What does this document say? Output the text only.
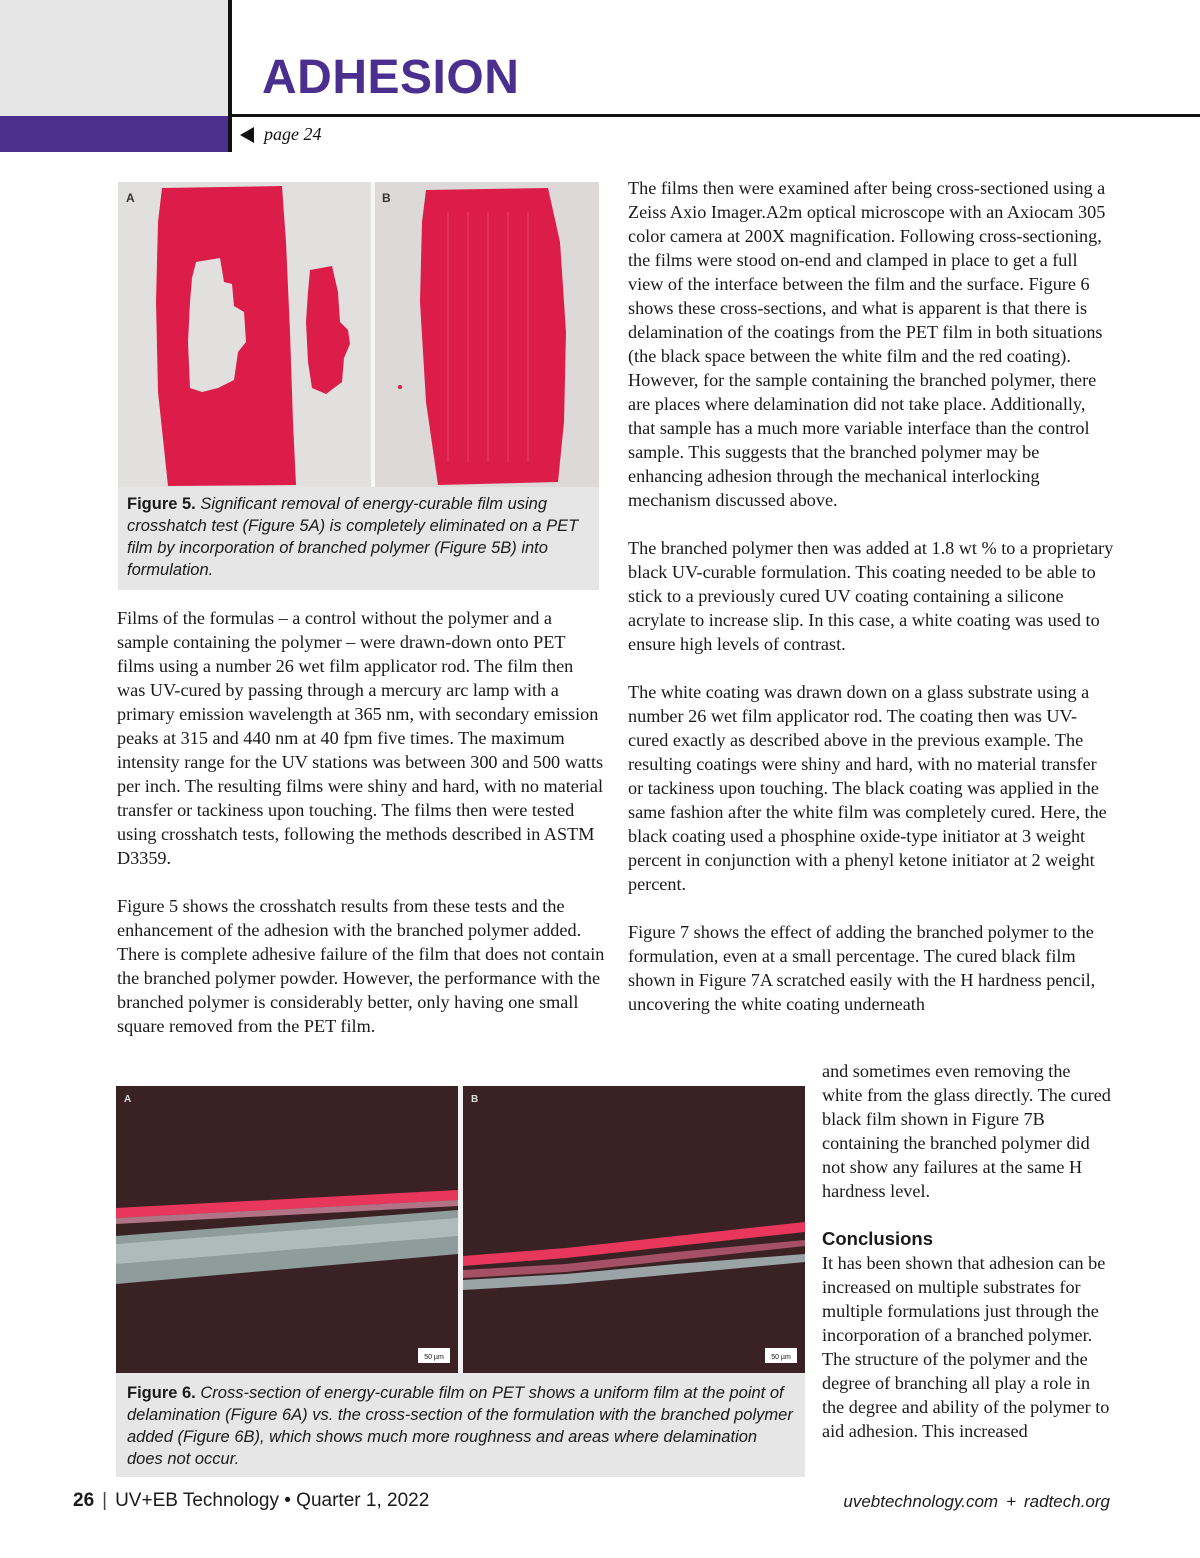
ADHESION
page 24
A	B
Figure 5. Significant removal of energy-curable film using crosshatch test (Figure 5A) is completely eliminated on a PET film by incorporation of branched polymer (Figure 5B) into formulation.

Films of the formulas – a control without the polymer and a sample containing the polymer – were drawn-down onto PET films using a number 26 wet film applicator rod. The film then was UV-cured by passing through a mercury arc lamp with a primary emission wavelength at 365 nm, with secondary emission peaks at 315 and 440 nm at 40 fpm five times. The maximum intensity range for the UV stations was between 300 and 500 watts per inch. The resulting films were shiny and hard, with no material transfer or tackiness upon touching. The films then were tested using crosshatch tests, following the methods described in ASTM D3359.

Figure 5 shows the crosshatch results from these tests and the enhancement of the adhesion with the branched polymer added. There is complete adhesive failure of the film that does not contain the branched polymer powder. However, the performance with the branched polymer is considerably better, only having one small square removed from the PET film.

The films then were examined after being cross-sectioned using a Zeiss Axio Imager.A2m optical microscope with an Axiocam 305 color camera at 200X magnification. Following cross-sectioning, the films were stood on-end and clamped in place to get a full view of the interface between the film and the surface. Figure 6 shows these cross-sections, and what is apparent is that there is delamination of the coatings from the PET film in both situations (the black space between the white film and the red coating). However, for the sample containing the branched polymer, there are places where delamination did not take place. Additionally, that sample has a much more variable interface than the control sample. This suggests that the branched polymer may be enhancing adhesion through the mechanical interlocking mechanism discussed above.

The branched polymer then was added at 1.8 wt % to a proprietary black UV-curable formulation. This coating needed to be able to stick to a previously cured UV coating containing a silicone acrylate to increase slip. In this case, a white coating was used to ensure high levels of contrast.

The white coating was drawn down on a glass substrate using a number 26 wet film applicator rod. The coating then was UV-cured exactly as described above in the previous example. The resulting coatings were shiny and hard, with no material transfer or tackiness upon touching. The black coating was applied in the same fashion after the white film was completely cured. Here, the black coating used a phosphine oxide-type initiator at 3 weight percent in conjunction with a phenyl ketone initiator at 2 weight percent.

Figure 7 shows the effect of adding the branched polymer to the formulation, even at a small percentage. The cured black film shown in Figure 7A scratched easily with the H hardness pencil, uncovering the white coating underneath

and sometimes even removing the white from the glass directly. The cured black film shown in Figure 7B containing the branched polymer did not show any failures at the same H hardness level.

Conclusions

It has been shown that adhesion can be increased on multiple substrates for multiple formulations just through the incorporation of a branched polymer. The structure of the polymer and the degree of branching all play a role in the degree and ability of the polymer to aid adhesion. This increased

A	B
50 µm	50 µm
Figure 6. Cross-section of energy-curable film on PET shows a uniform film at the point of delamination (Figure 6A) vs. the cross-section of the formulation with the branched polymer added (Figure 6B), which shows much more roughness and areas where delamination does not occur.
26 | UV+EB Technology • Quarter 1, 2022	uvebtechnology.com + radtech.org
